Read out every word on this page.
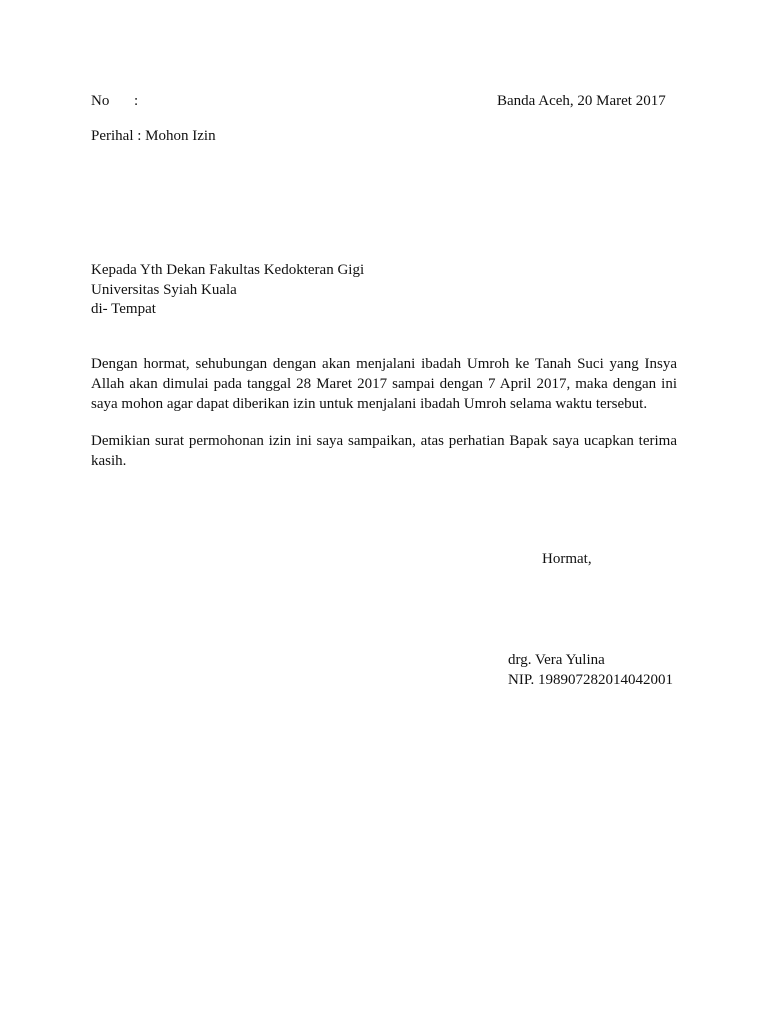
No :	Banda Aceh, 20 Maret 2017
Perihal : Mohon Izin
Kepada Yth Dekan Fakultas Kedokteran Gigi
Universitas Syiah Kuala
di- Tempat

Dengan hormat, sehubungan dengan akan menjalani ibadah Umroh ke Tanah Suci yang Insya Allah akan dimulai pada tanggal 28 Maret 2017 sampai dengan 7 April 2017, maka dengan ini saya mohon agar dapat diberikan izin untuk menjalani ibadah Umroh selama waktu tersebut.

Demikian surat permohonan izin ini saya sampaikan, atas perhatian Bapak saya ucapkan terima kasih.

Hormat,
drg. Vera Yulina
NIP. 198907282014042001
